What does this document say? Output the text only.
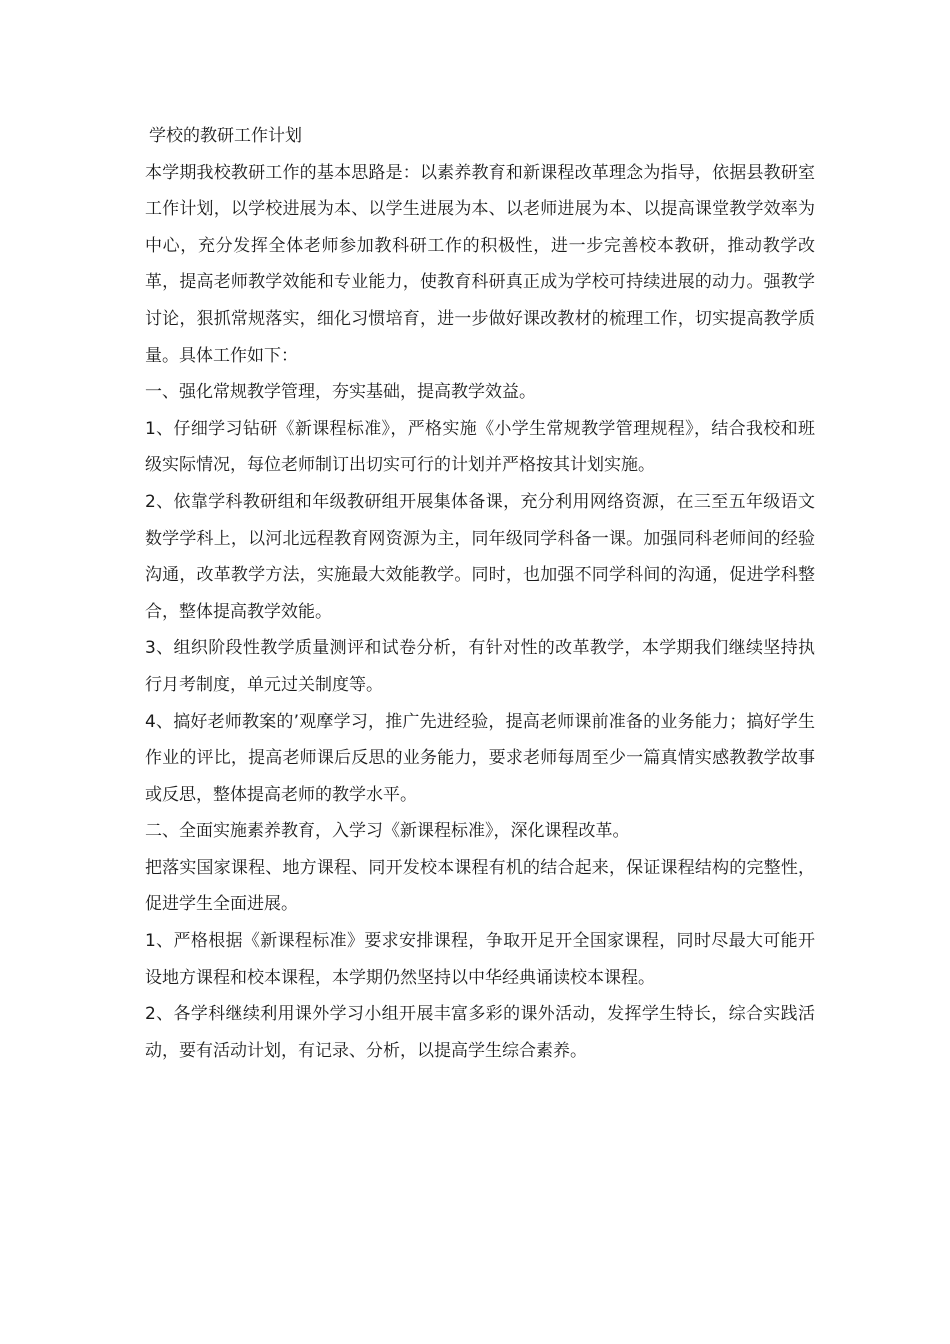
学校的教研工作计划

本学期我校教研工作的基本思路是：以素养教育和新课程改革理念为指导，依据县教研室工作计划，以学校进展为本、以学生进展为本、以老师进展为本、以提高课堂教学效率为中心，充分发挥全体老师参加教科研工作的积极性，进一步完善校本教研，推动教学改革，提高老师教学效能和专业能力，使教育科研真正成为学校可持续进展的动力。强教学讨论，狠抓常规落实，细化习惯培育，进一步做好课改教材的梳理工作，切实提高教学质量。具体工作如下：

一、强化常规教学管理，夯实基础，提高教学效益。

1、仔细学习钻研《新课程标准》，严格实施《小学生常规教学管理规程》，结合我校和班级实际情况，每位老师制订出切实可行的计划并严格按其计划实施。

2、依靠学科教研组和年级教研组开展集体备课，充分利用网络资源，在三至五年级语文数学学科上，以河北远程教育网资源为主，同年级同学科备一课。加强同科老师间的经验沟通，改革教学方法，实施最大效能教学。同时，也加强不同学科间的沟通，促进学科整合，整体提高教学效能。

3、组织阶段性教学质量测评和试卷分析，有针对性的改革教学，本学期我们继续坚持执行月考制度，单元过关制度等。

4、搞好老师教案的’观摩学习，推广先进经验，提高老师课前准备的业务能力；搞好学生作业的评比，提高老师课后反思的业务能力，要求老师每周至少一篇真情实感教教学故事或反思，整体提高老师的教学水平。

二、全面实施素养教育，入学习《新课程标准》，深化课程改革。

把落实国家课程、地方课程、同开发校本课程有机的结合起来，保证课程结构的完整性，促进学生全面进展。

1、严格根据《新课程标准》要求安排课程，争取开足开全国家课程，同时尽最大可能开设地方课程和校本课程，本学期仍然坚持以中华经典诵读校本课程。

2、各学科继续利用课外学习小组开展丰富多彩的课外活动，发挥学生特长，综合实践活动，要有活动计划，有记录、分析，以提高学生综合素养。
